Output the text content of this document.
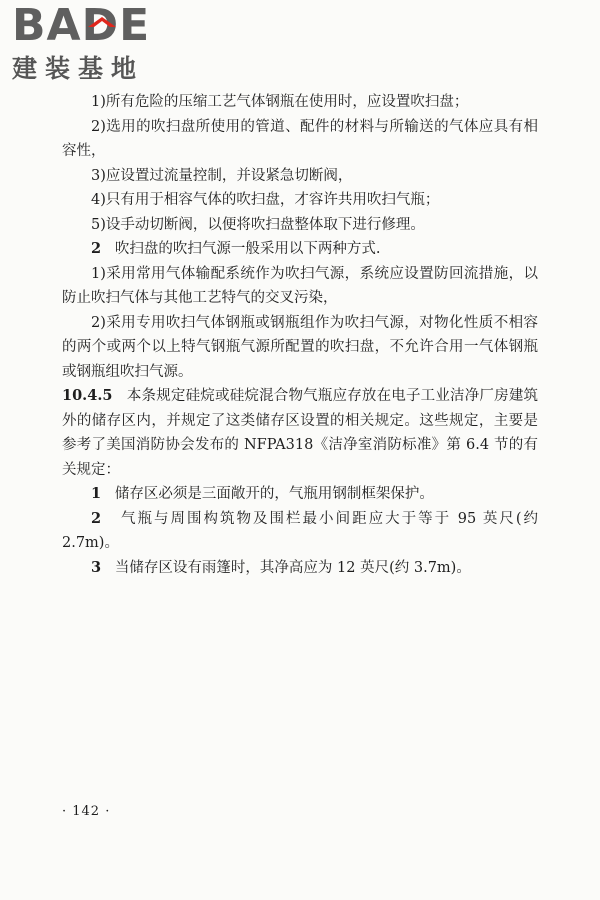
BADE
建装基地

1)所有危险的压缩工艺气体钢瓶在使用时，应设置吹扫盘；

2)选用的吹扫盘所使用的管道、配件的材料与所输送的气体应具有相容性，

3)应设置过流量控制，并设紧急切断阀，

4)只有用于相容气体的吹扫盘，才容许共用吹扫气瓶；

5)设手动切断阀，以便将吹扫盘整体取下进行修理。

2 吹扫盘的吹扫气源一般采用以下两种方式.

1)采用常用气体输配系统作为吹扫气源，系统应设置防回流措施，以防止吹扫气体与其他工艺特气的交叉污染，

2)采用专用吹扫气体钢瓶或钢瓶组作为吹扫气源，对物化性质不相容的两个或两个以上特气钢瓶气源所配置的吹扫盘，不允许合用一气体钢瓶或钢瓶组吹扫气源。

10.4.5 本条规定硅烷或硅烷混合物气瓶应存放在电子工业洁净厂房建筑外的储存区内，并规定了这类储存区设置的相关规定。这些规定，主要是参考了美国消防协会发布的 NFPA318《洁净室消防标准》第 6.4 节的有关规定：

1 储存区必须是三面敞开的，气瓶用钢制框架保护。

2 气瓶与周围构筑物及围栏最小间距应大于等于 95 英尺(约 2.7m)。

3 当储存区设有雨篷时，其净高应为 12 英尺(约 3.7m)。

· 142 ·
